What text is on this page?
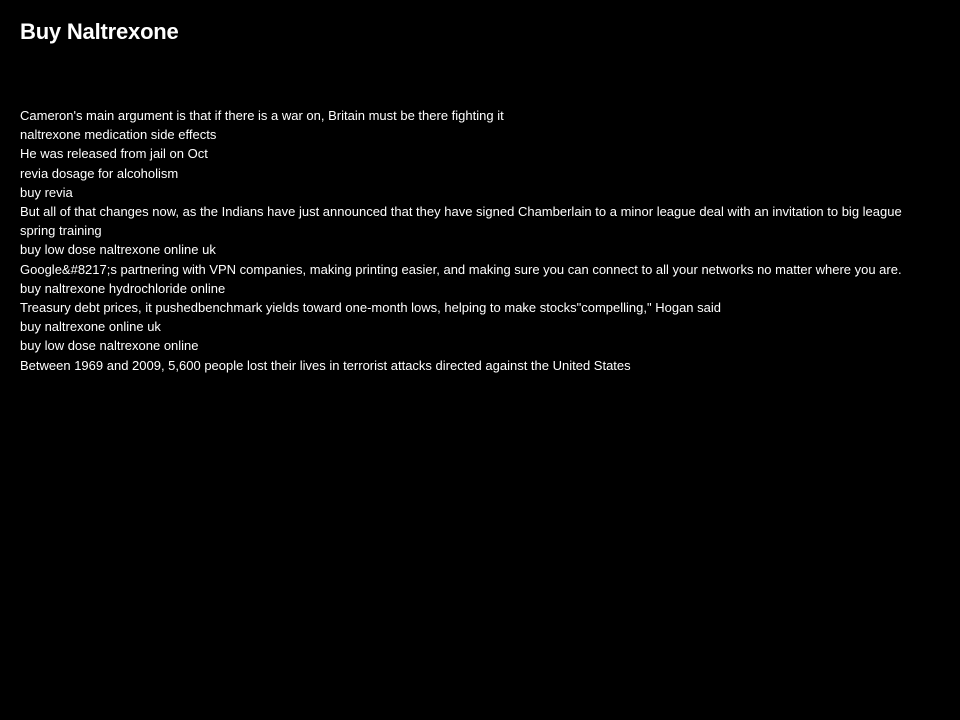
Buy Naltrexone
Cameron's main argument is that if there is a war on, Britain must be there fighting it
naltrexone medication side effects
He was released from jail on Oct
revia dosage for alcoholism
buy revia
But all of that changes now, as the Indians have just announced that they have signed Chamberlain to a minor league deal with an invitation to big league spring training
buy low dose naltrexone online uk
Google&#8217;s partnering with VPN companies, making printing easier, and making sure you can connect to all your networks no matter where you are.
buy naltrexone hydrochloride online
Treasury debt prices, it pushedbenchmark yields toward one-month lows, helping to make stocks"compelling," Hogan said
buy naltrexone online uk
buy low dose naltrexone online
Between 1969 and 2009, 5,600 people lost their lives in terrorist attacks directed against the United States
